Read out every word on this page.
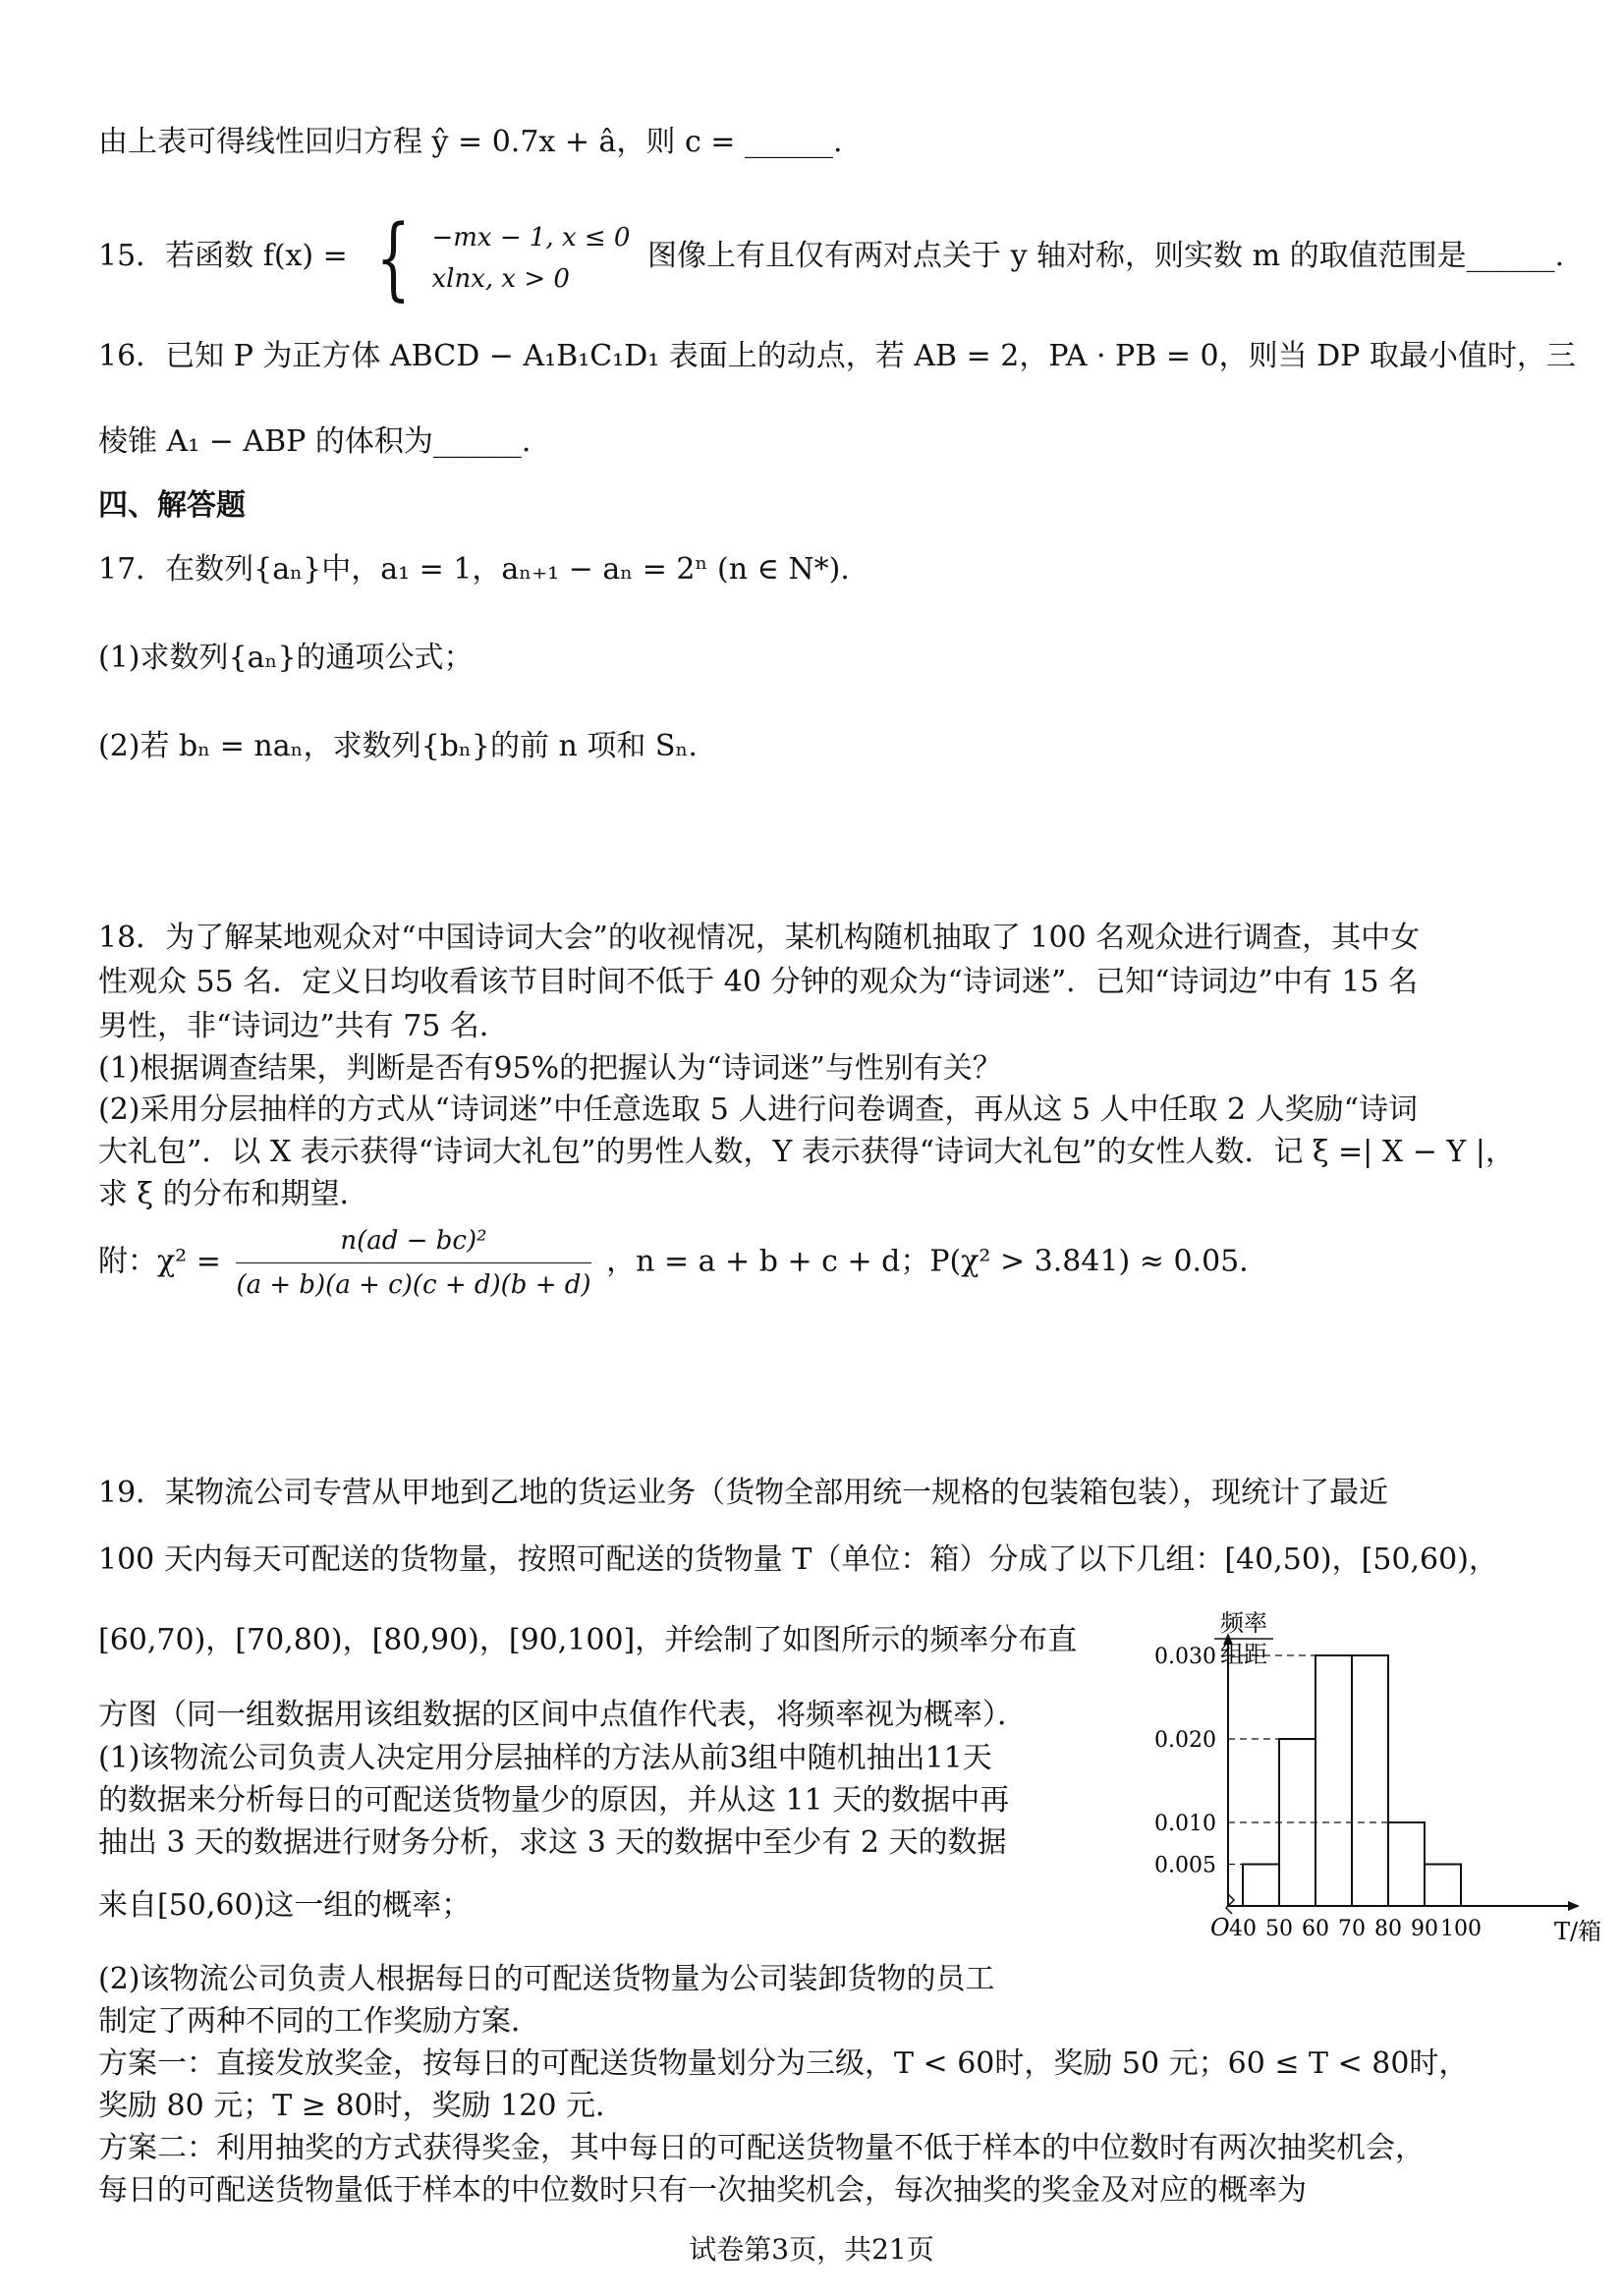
由上表可得线性回归方程 ŷ = 0.7x + â，则 c = ______.
15．若函数 f(x) = { −mx − 1, x ≤ 0
xlnx, x > 0
图像上有且仅有两对点关于 y 轴对称，则实数 m 的取值范围是______.
16．已知 P 为正方体 ABCD − A₁B₁C₁D₁ 表面上的动点，若 AB = 2，PA · PB = 0，则当 DP 取最小值时，三
棱锥 A₁ − ABP 的体积为______.
四、解答题
17．在数列{aₙ}中，a₁ = 1，aₙ₊₁ − aₙ = 2ⁿ (n ∈ N*).
(1)求数列{aₙ}的通项公式；
(2)若 bₙ = naₙ，求数列{bₙ}的前 n 项和 Sₙ.
18．为了解某地观众对“中国诗词大会”的收视情况，某机构随机抽取了 100 名观众进行调查，其中女
性观众 55 名．定义日均收看该节目时间不低于 40 分钟的观众为“诗词迷”．已知“诗词边”中有 15 名
男性，非“诗词边”共有 75 名．
(1)根据调查结果，判断是否有95%的把握认为“诗词迷”与性别有关？
(2)采用分层抽样的方式从“诗词迷”中任意选取 5 人进行问卷调查，再从这 5 人中任取 2 人奖励“诗词
大礼包”．以 X 表示获得“诗词大礼包”的男性人数，Y 表示获得“诗词大礼包”的女性人数．记 ξ =| X − Y |，
求 ξ 的分布和期望．
附：$\chi^2 = \frac{\text{n(ad − bc)²}}{(a + b)(a + c)(c + d)(b + d)}$ ，n = a + b + c + d；P(χ² > 3.841) ≈ 0.05．
19．某物流公司专营从甲地到乙地的货运业务（货物全部用统一规格的包装箱包装），现统计了最近
100 天内每天可配送的货物量，按照可配送的货物量 T（单位：箱）分成了以下几组：[40,50)，[50,60)，
[60,70)，[70,80)，[80,90)，[90,100]，并绘制了如图所示的频率分布直
方图（同一组数据用该组数据的区间中点值作代表，将频率视为概率）．
(1)该物流公司负责人决定用分层抽样的方法从前3组中随机抽出11天
的数据来分析每日的可配送货物量少的原因，并从这 11 天的数据中再
抽出 3 天的数据进行财务分析，求这 3 天的数据中至少有 2 天的数据
来自[50,60)这一组的概率；
(2)该物流公司负责人根据每日的可配送货物量为公司装卸货物的员工
制定了两种不同的工作奖励方案．
方案一：直接发放奖金，按每日的可配送货物量划分为三级，T < 60时，奖励 50 元；60 ≤ T < 80时，
奖励 80 元；T ≥ 80时，奖励 120 元．
方案二：利用抽奖的方式获得奖金，其中每日的可配送货物量不低于样本的中位数时有两次抽奖机会，
每日的可配送货物量低于样本的中位数时只有一次抽奖机会，每次抽奖的奖金及对应的概率为
频率
组距
0.030
0.020
0.010
0.005
40 50 60 70 80 90 100
O	T/箱
试卷第3页，共21页
